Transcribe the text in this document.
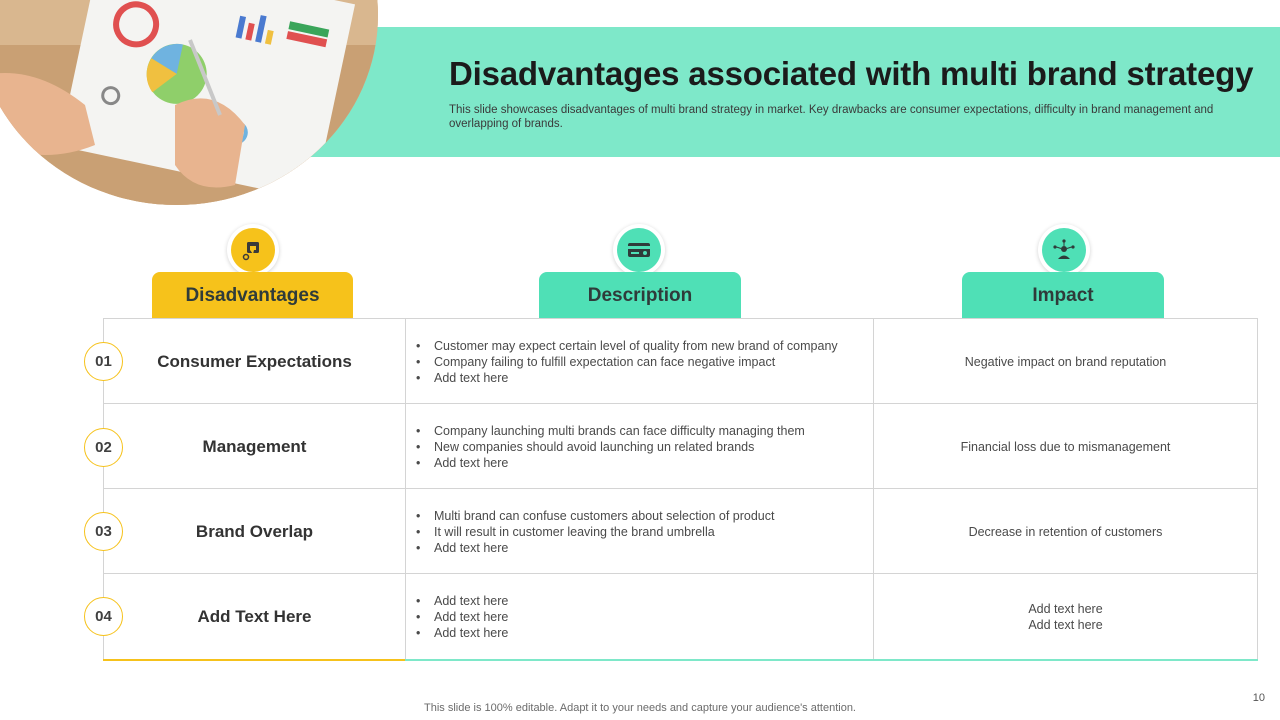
Disadvantages associated with multi brand strategy

This slide showcases disadvantages of multi brand strategy in market. Key drawbacks are consumer expectations, difficulty in brand management and overlapping of brands.

Disadvantages	Description	Impact
Consumer Expectations
• Customer may expect certain level of quality from new brand of company
• Company failing to fulfill expectation can face negative impact
• Add text here
Negative impact on brand reputation
Management
• Company launching multi brands can face difficulty managing them
• New companies should avoid launching un related brands
• Add text here
Financial loss due to mismanagement
Brand Overlap
• Multi brand can confuse customers about selection of product
• It will result in customer leaving the brand umbrella
• Add text here
Decrease in retention of customers
Add Text Here
• Add text here
• Add text here
• Add text here
Add text here
Add text here
01
02
03
04
This slide is 100% editable. Adapt it to your needs and capture your audience's attention.
10
